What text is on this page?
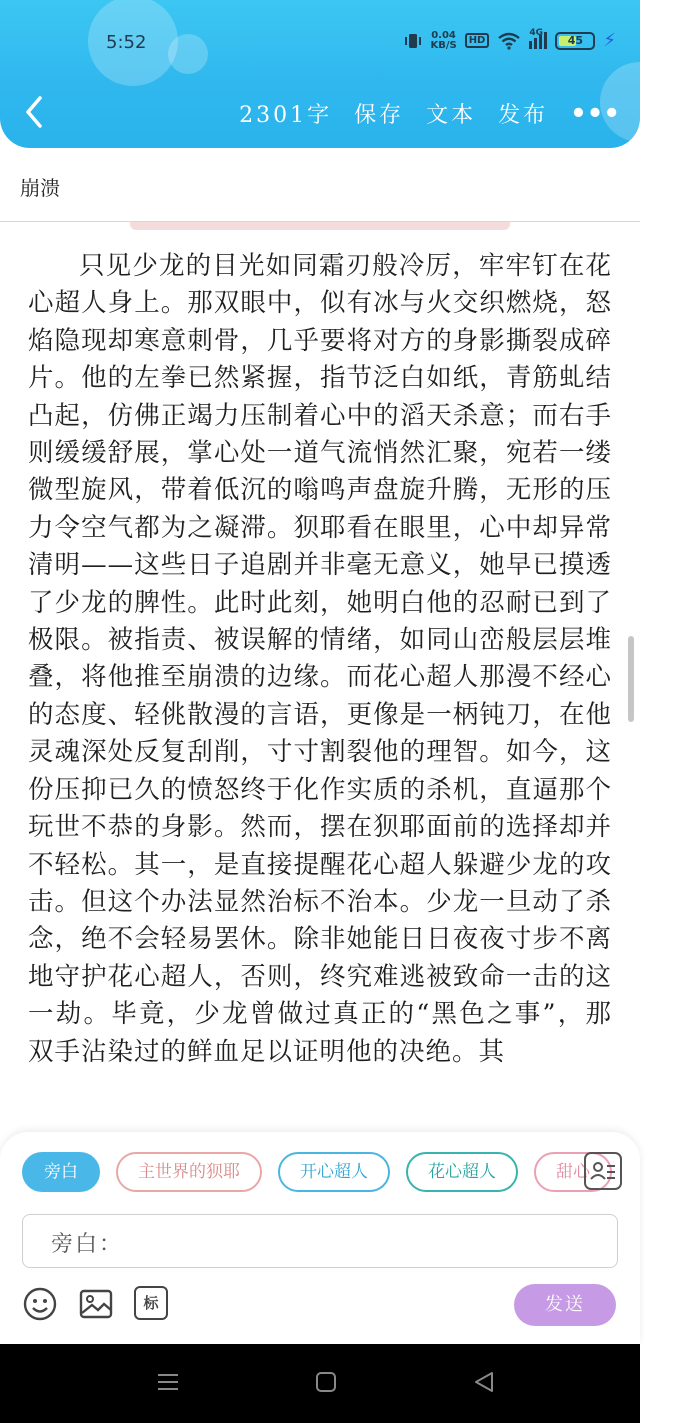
5:52	0.04
KB/S	HD
4G
45	⚡
2301字 保存 文本 发布 •••
崩溃
只见少龙的目光如同霜刃般冷厉，牢牢钉在花心超人身上。那双眼中，似有冰与火交织燃烧，怒焰隐现却寒意刺骨，几乎要将对方的身影撕裂成碎片。他的左拳已然紧握，指节泛白如纸，青筋虬结凸起，仿佛正竭力压制着心中的滔天杀意；而右手则缓缓舒展，掌心处一道气流悄然汇聚，宛若一缕微型旋风，带着低沉的嗡鸣声盘旋升腾，无形的压力令空气都为之凝滞。狈耶看在眼里，心中却异常清明——这些日子追剧并非毫无意义，她早已摸透了少龙的脾性。此时此刻，她明白他的忍耐已到了极限。被指责、被误解的情绪，如同山峦般层层堆叠，将他推至崩溃的边缘。而花心超人那漫不经心的态度、轻佻散漫的言语，更像是一柄钝刀，在他灵魂深处反复刮削，寸寸割裂他的理智。如今，这份压抑已久的愤怒终于化作实质的杀机，直逼那个玩世不恭的身影。然而，摆在狈耶面前的选择却并不轻松。其一，是直接提醒花心超人躲避少龙的攻击。但这个办法显然治标不治本。少龙一旦动了杀念，绝不会轻易罢休。除非她能日日夜夜寸步不离地守护花心超人，否则，终究难逃被致命一击的这一劫。毕竟，少龙曾做过真正的“黑色之事”，那双手沾染过的鲜血足以证明他的决绝。其
旁白	主世界的狈耶	开心超人	花心超人	甜心
旁白：
标	发送
